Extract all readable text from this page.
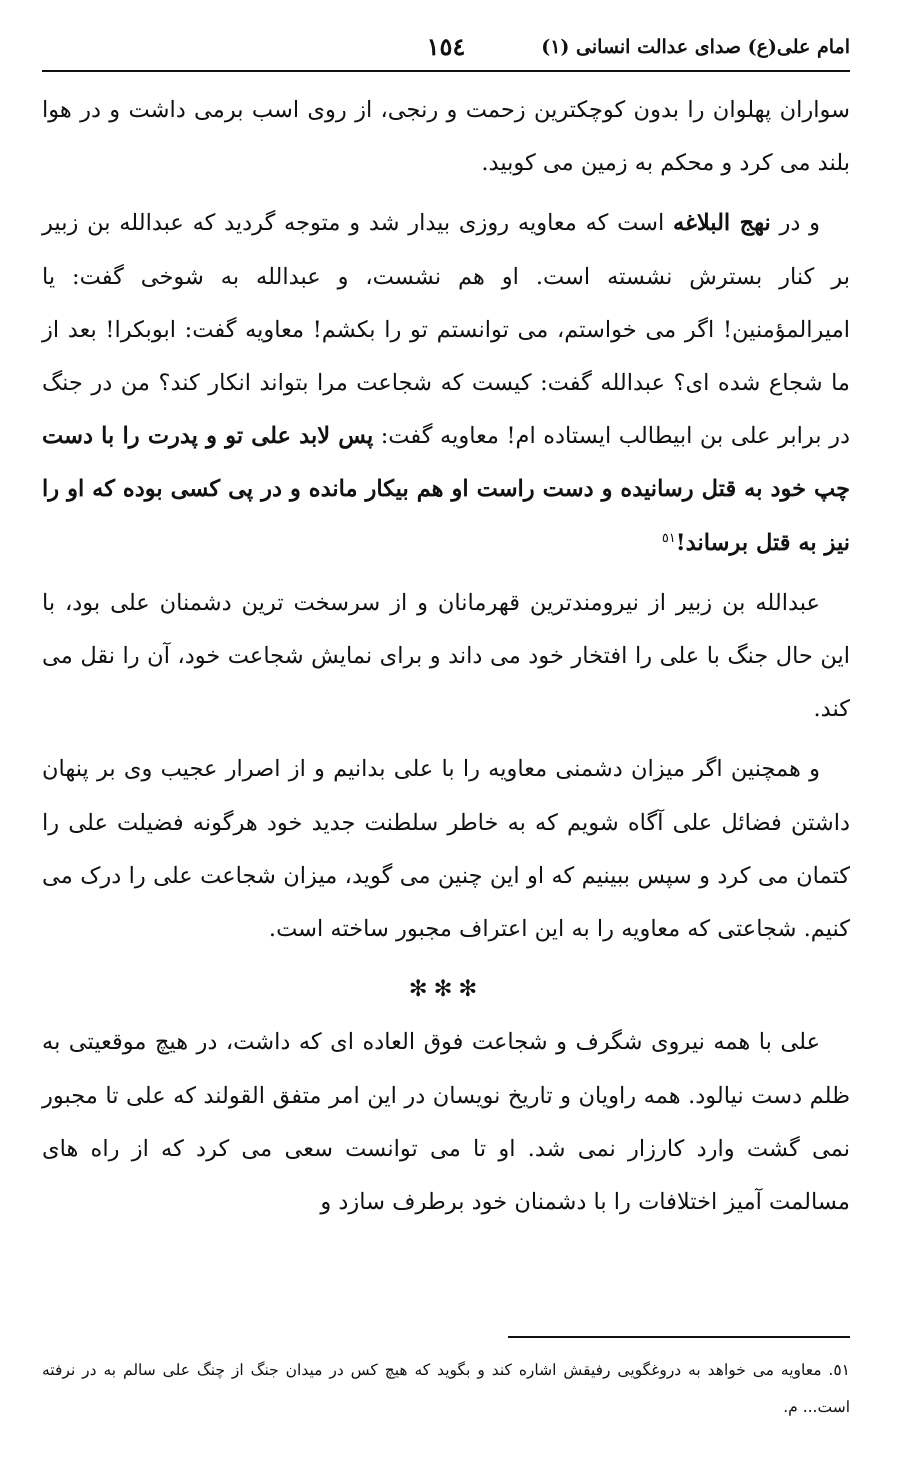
امام علی(ع) صدای عدالت انسانی (۱)
١٥٤

سواران پهلوان را بدون کوچکترین زحمت و رنجی، از روی اسب برمی داشت و در هوا بلند می کرد و محکم به زمین می کوبید.

و در نهج البلاغه است که معاویه روزی بیدار شد و متوجه گردید که عبدالله بن زبیر بر کنار بسترش نشسته است. او هم نشست، و عبدالله به شوخی گفت: یا امیرالمؤمنین! اگر می خواستم، می توانستم تو را بکشم! معاویه گفت: ابوبکرا! بعد از ما شجاع شده ای؟ عبدالله گفت: کیست که شجاعت مرا بتواند انکار کند؟ من در جنگ در برابر علی بن ابیطالب ایستاده ام! معاویه گفت: پس لابد علی تو و پدرت را با دست چپ خود به قتل رسانیده و دست راست او هم بیکار مانده و در پی کسی بوده که او را نیز به قتل برساند!$^{٥١}$

عبدالله بن زبیر از نیرومندترین قهرمانان و از سرسخت ترین دشمنان علی بود، با این حال جنگ با علی را افتخار خود می داند و برای نمایش شجاعت خود، آن را نقل می کند.

و همچنین اگر میزان دشمنی معاویه را با علی بدانیم و از اصرار عجیب وی بر پنهان داشتن فضائل علی آگاه شویم که به خاطر سلطنت جدید خود هرگونه فضیلت علی را کتمان می کرد و سپس ببینیم که او این چنین می گوید، میزان شجاعت علی را درک می کنیم. شجاعتی که معاویه را به این اعتراف مجبور ساخته است.

✻✻✻

علی با همه نیروی شگرف و شجاعت فوق العاده ای که داشت، در هیچ موقعیتی به ظلم دست نیالود. همه راویان و تاریخ نویسان در این امر متفق القولند که علی تا مجبور نمی گشت وارد کارزار نمی شد. او تا می توانست سعی می کرد که از راه های مسالمت آمیز اختلافات را با دشمنان خود برطرف سازد و

٥١. معاویه می خواهد به دروغگویی رفیقش اشاره کند و بگوید که هیچ کس در میدان جنگ از چنگ علی سالم به در نرفته است... م.
